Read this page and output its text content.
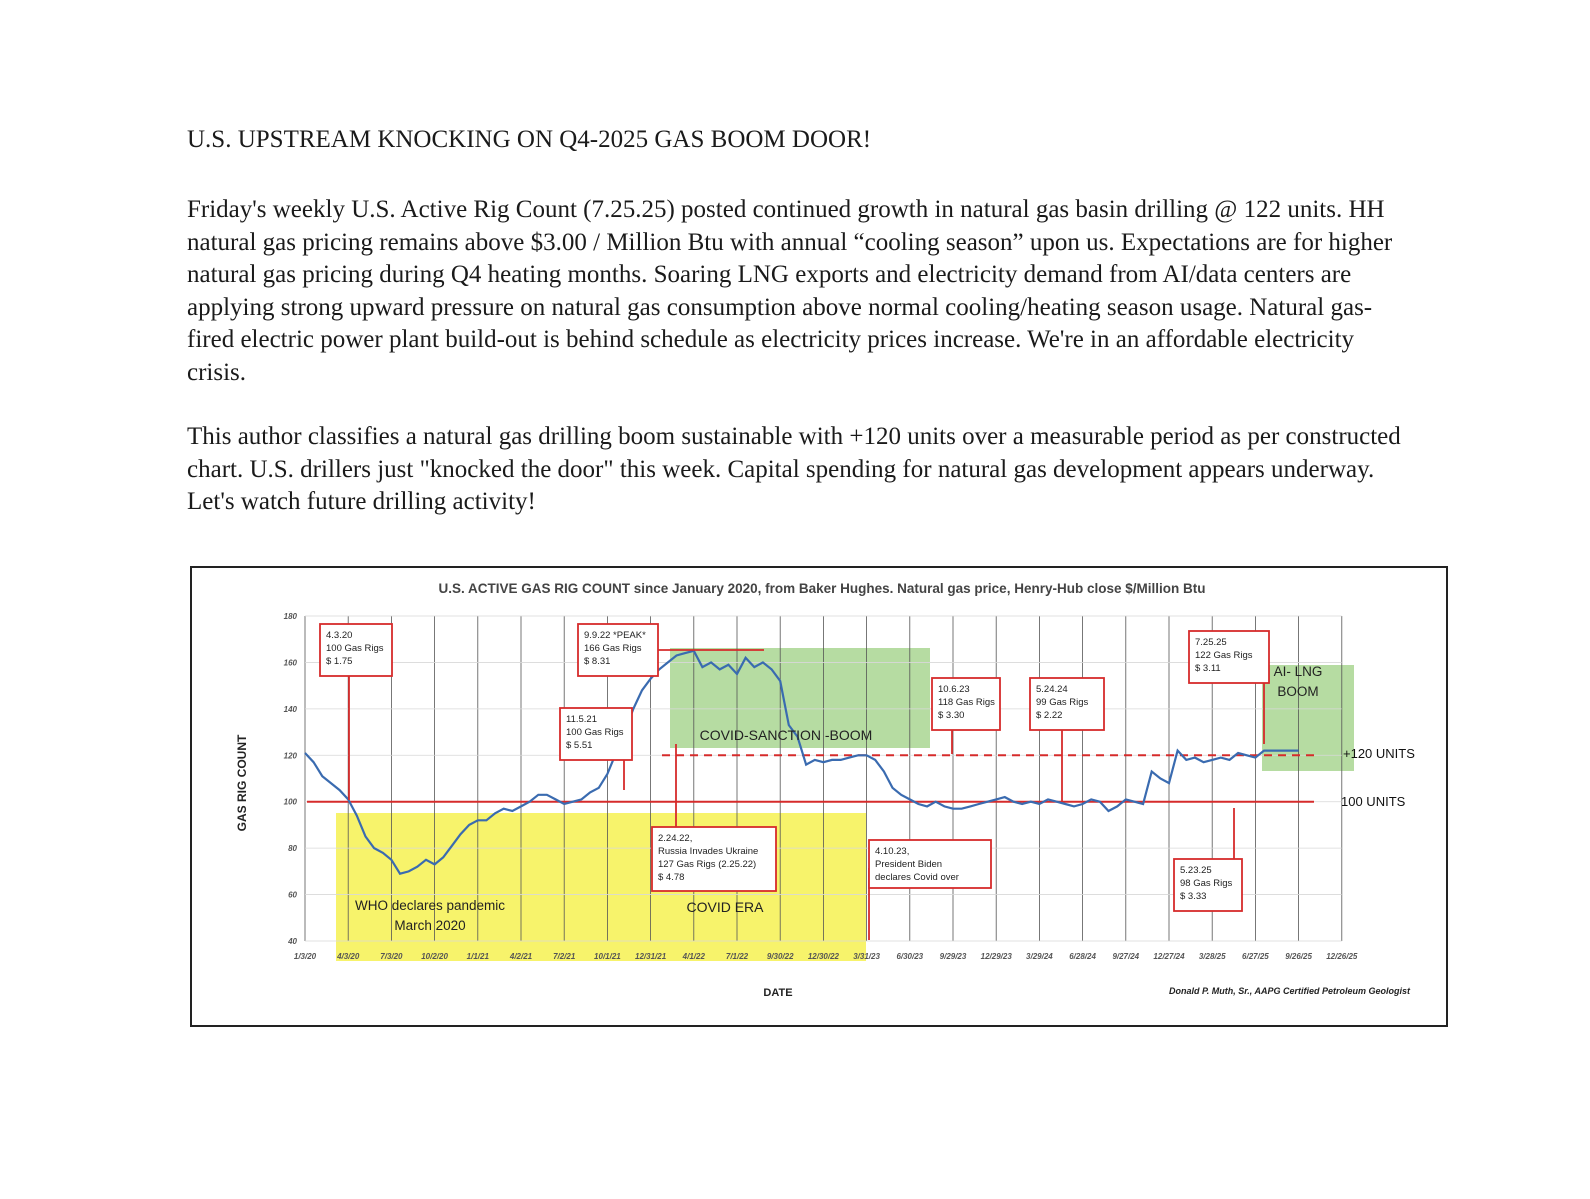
U.S. UPSTREAM KNOCKING ON Q4-2025 GAS BOOM DOOR!

Friday's weekly U.S. Active Rig Count (7.25.25) posted continued growth in natural gas basin drilling @ 122 units. HH natural gas pricing remains above $3.00 / Million Btu with annual “cooling season” upon us. Expectations are for higher natural gas pricing during Q4 heating months. Soaring LNG exports and electricity demand from AI/data centers are applying strong upward pressure on natural gas consumption above normal cooling/heating season usage. Natural gas-fired electric power plant build-out is behind schedule as electricity prices increase. We're in an affordable electricity crisis.

This author classifies a natural gas drilling boom sustainable with +120 units over a measurable period as per constructed chart. U.S. drillers just "knocked the door" this week. Capital spending for natural gas development appears underway. Let's watch future drilling activity!

40
60
80
100
120
140
160
180
1/3/20	4/3/20	7/3/20 10/2/20 1/1/21	4/2/21	7/2/21 10/1/21 12/31/21 4/1/22	7/1/22 9/30/22 12/30/22 3/31/23 6/30/23 9/29/23 12/29/23 3/29/24 6/28/24 9/27/24 12/27/24 3/28/25 6/27/25 9/26/25 12/26/25
U.S. ACTIVE GAS RIG COUNT since January 2020, from Baker Hughes. Natural gas price, Henry-Hub close $/Million Btu
DATE
GAS RIG COUNT
Donald P. Muth, Sr., AAPG Certified Petroleum Geologist
+120 UNITS
100 UNITS
WHO declares pandemic
March 2020
COVID ERA
COVID-SANCTION -BOOM
AI- LNG
BOOM
4.3.20
100 Gas Rigs
$ 1.75
9.9.22 *PEAK*
166 Gas Rigs
$ 8.31
11.5.21
100 Gas Rigs
$ 5.51
2.24.22,
Russia Invades Ukraine
127 Gas Rigs (2.25.22)
$ 4.78
4.10.23,
President Biden
declares Covid over
10.6.23
118 Gas Rigs
$ 3.30
5.24.24
99 Gas Rigs
$ 2.22
5.23.25
98 Gas Rigs
$ 3.33
7.25.25
122 Gas Rigs
$ 3.11
